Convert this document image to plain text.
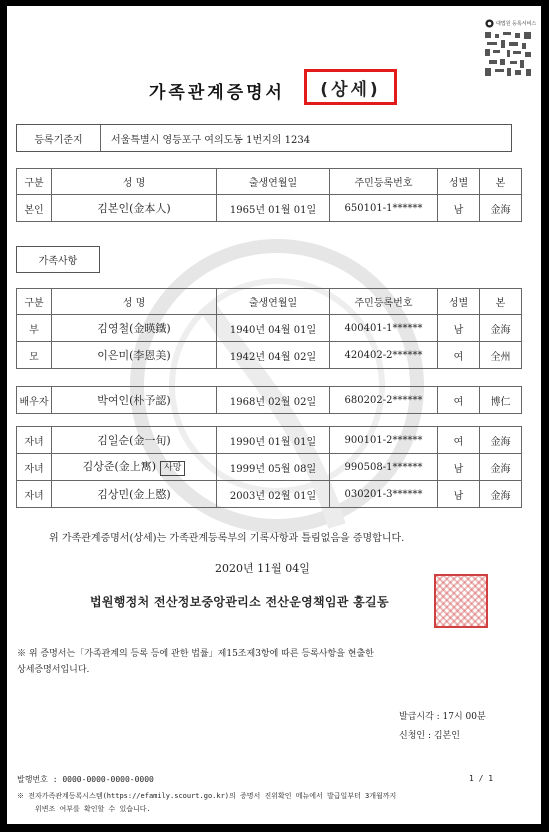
대법원 등록서비스
가족관계증명서 (상세)
등록기준지	서울특별시 영등포구 여의도동 1번지의 1234
구분	성 명	출생연월일	주민등록번호	성별	본
본인	김본인(金本人)	1965년 01월 01일	650101-1******	남	金海
가족사항
구분	성 명	출생연월일	주민등록번호	성별	본
부	김영철(金暎鐵)	1940년 04월 01일	400401-1******	남	金海
모	이은미(李恩美)	1942년 04월 02일	420402-2******	여	全州
배우자	박여인(朴予認)	1968년 02월 02일	680202-2******	여	博仁
자녀	김일순(金一旬)	1990년 01월 01일	900101-2******	여	金海
자녀	김상준(金上寯) 사망	1999년 05월 08일	990508-1******	남	金海
자녀	김상민(金上愍)	2003년 02월 01일	030201-3******	남	金海
위 가족관계증명서(상세)는 가족관계등록부의 기록사항과 틀림없음을 증명합니다.
2020년 11월 04일
법원행정처 전산정보중앙관리소 전산운영책임관 홍길동
※ 위 증명서는「가족관계의 등록 등에 관한 법률」제15조제3항에 따른 등록사항을 현출한
상세증명서입니다.
발급시각 : 17시 00분
신청인 : 김본인
발행번호 : 0000-0000-0000-0000	1 / 1
※ 전자가족관계등록시스템(https://efamily.scourt.go.kr)의 증명서 진위확인 메뉴에서 발급일부터 3개월까지
위변조 여부를 확인할 수 있습니다.
